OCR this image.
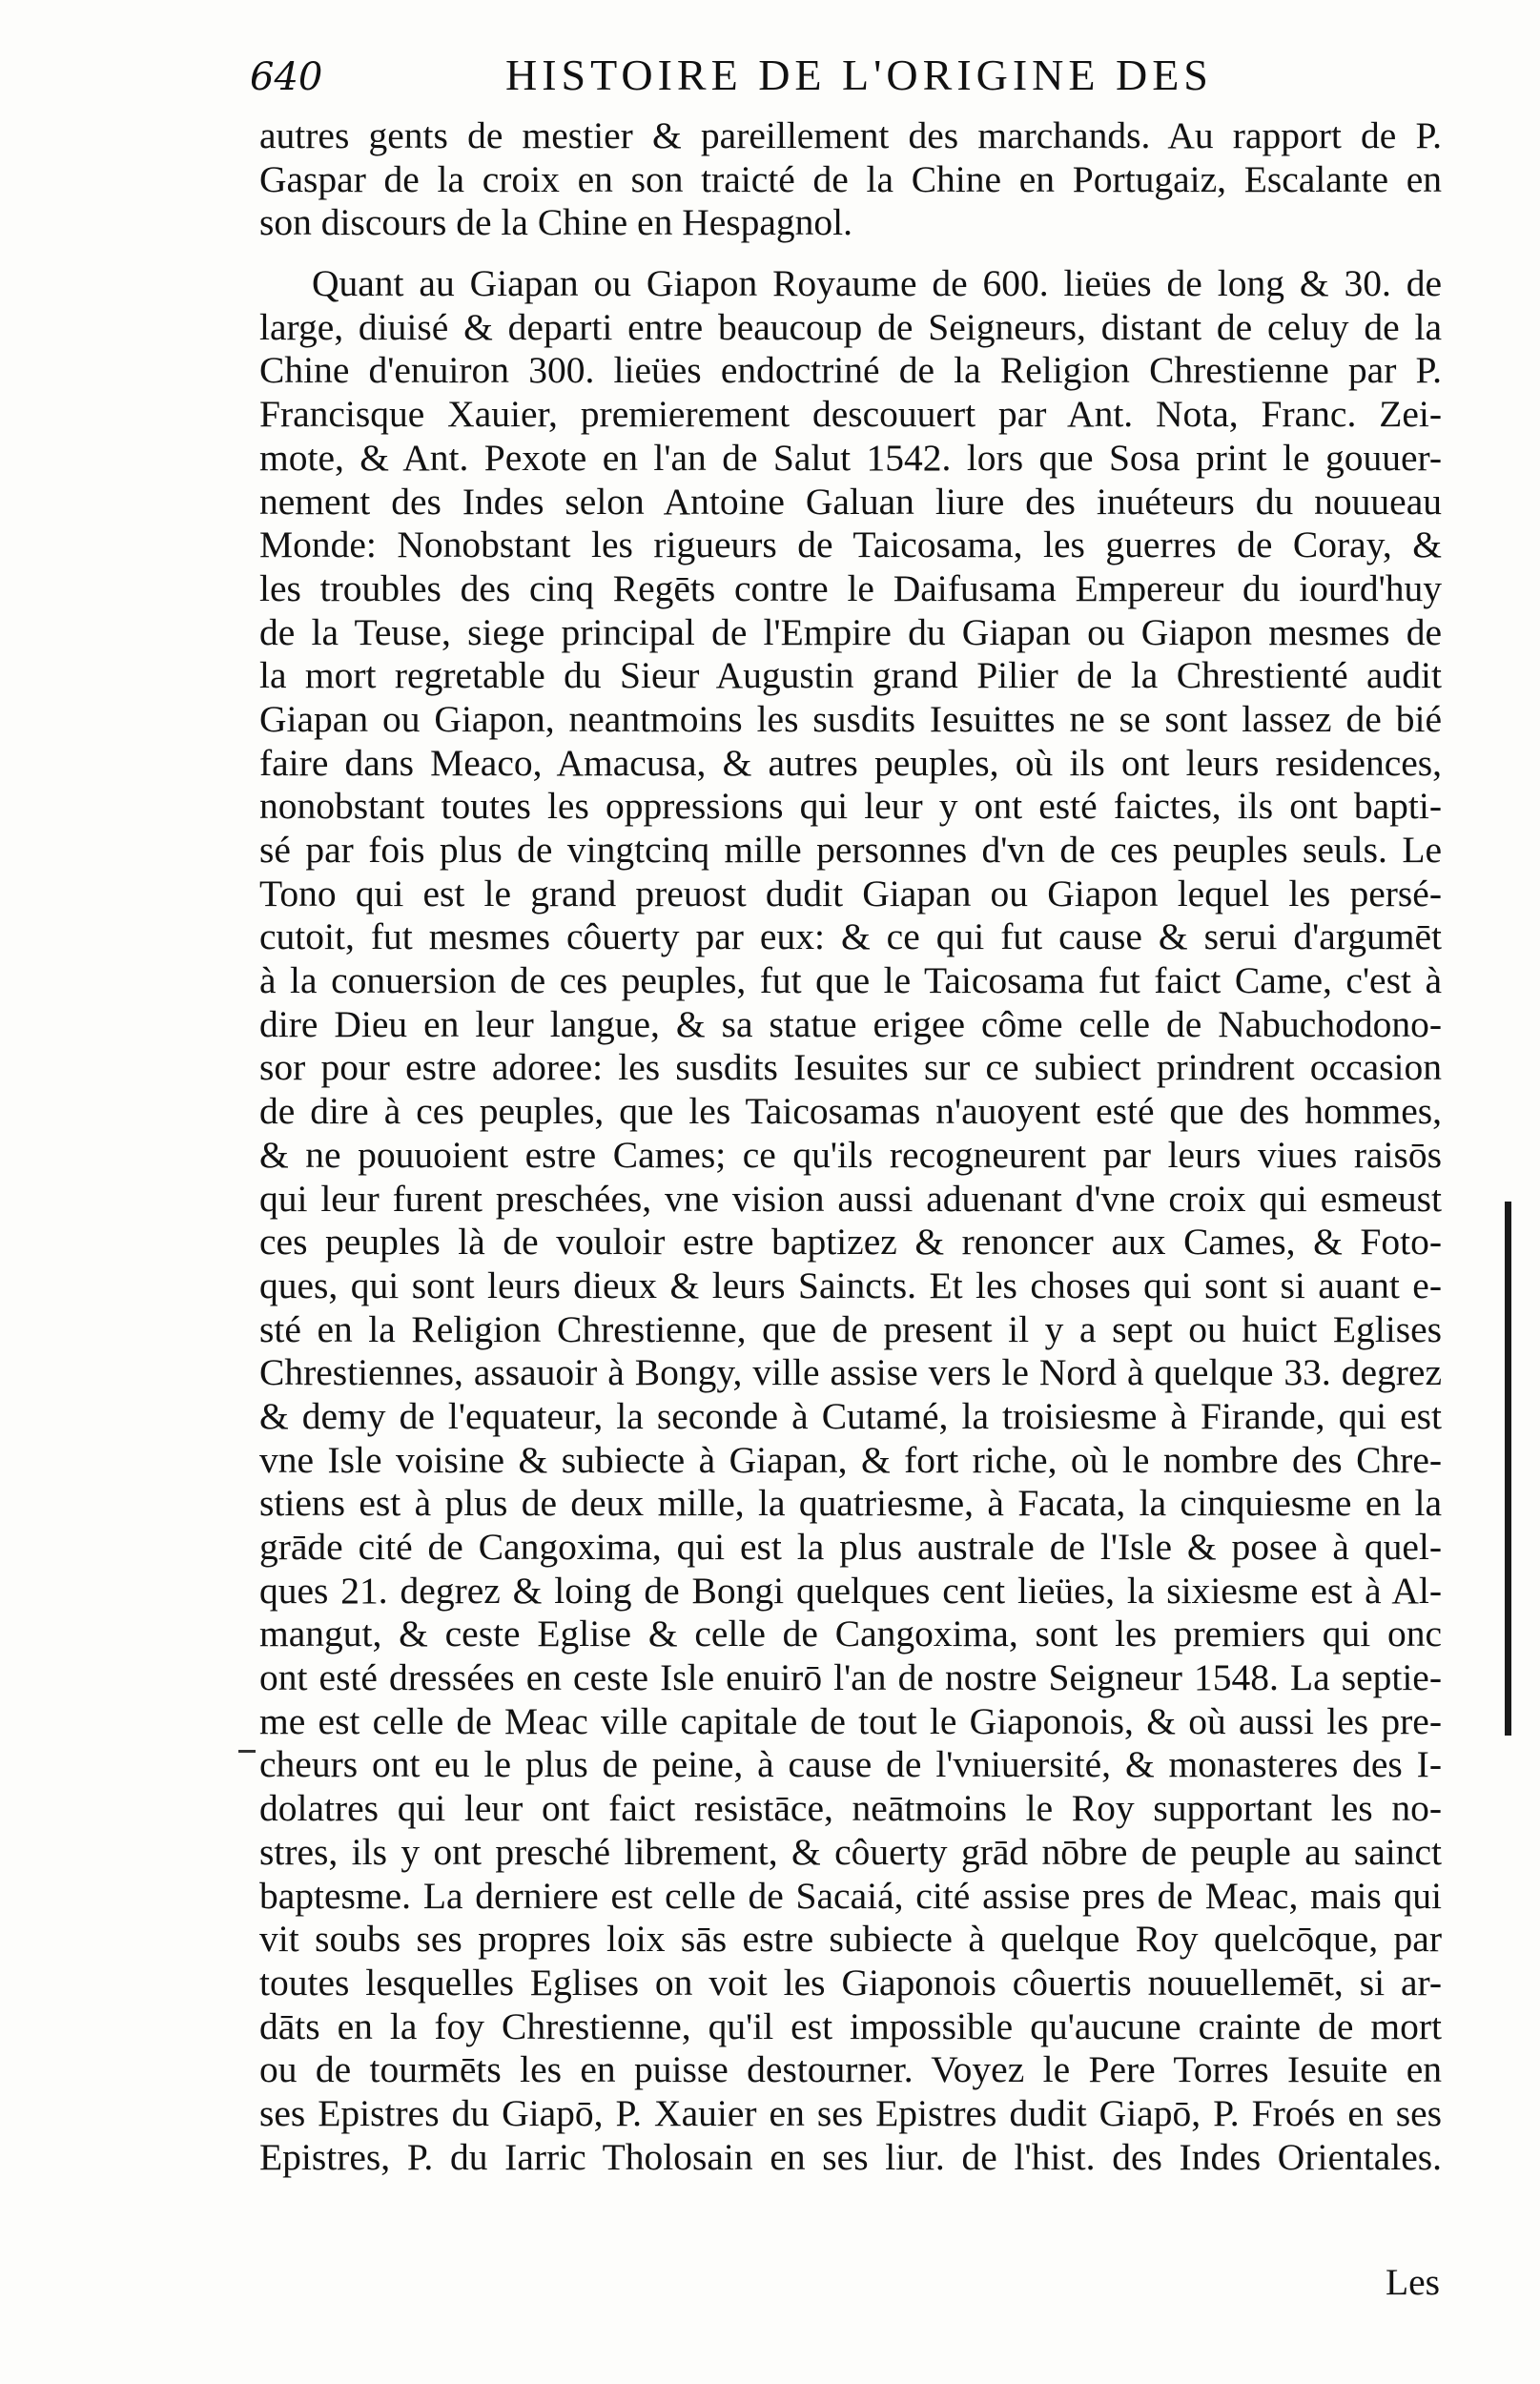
640	HISTOIRE DE L'ORIGINE DES
autres gents de mestier & pareillement des marchands. Au rapport de P.
Gaspar de la croix en son traicté de la Chine en Portugaiz, Escalante en
son discours de la Chine en Hespagnol.
Quant au Giapan ou Giapon Royaume de 600. lieües de long & 30. de
large, diuisé & departi entre beaucoup de Seigneurs, distant de celuy de la
Chine d'enuiron 300. lieües endoctriné de la Religion Chrestienne par P.
Francisque Xauier, premierement descouuert par Ant. Nota, Franc. Zei-
mote, & Ant. Pexote en l'an de Salut 1542. lors que Sosa print le gouuer-
nement des Indes selon Antoine Galuan liure des inuéteurs du nouueau
Monde: Nonobstant les rigueurs de Taicosama, les guerres de Coray, &
les troubles des cinq Regēts contre le Daifusama Empereur du iourd'huy
de la Teuse, siege principal de l'Empire du Giapan ou Giapon mesmes de
la mort regretable du Sieur Augustin grand Pilier de la Chrestienté audit
Giapan ou Giapon, neantmoins les susdits Iesuittes ne se sont lassez de bié
faire dans Meaco, Amacusa, & autres peuples, où ils ont leurs residences,
nonobstant toutes les oppressions qui leur y ont esté faictes, ils ont bapti-
sé par fois plus de vingtcinq mille personnes d'vn de ces peuples seuls. Le
Tono qui est le grand preuost dudit Giapan ou Giapon lequel les persé-
cutoit, fut mesmes côuerty par eux: & ce qui fut cause & serui d'argumēt
à la conuersion de ces peuples, fut que le Taicosama fut faict Came, c'est à
dire Dieu en leur langue, & sa statue erigee côme celle de Nabuchodono-
sor pour estre adoree: les susdits Iesuites sur ce subiect prindrent occasion
de dire à ces peuples, que les Taicosamas n'auoyent esté que des hommes,
& ne pouuoient estre Cames; ce qu'ils recogneurent par leurs viues raisōs
qui leur furent preschées, vne vision aussi aduenant d'vne croix qui esmeust
ces peuples là de vouloir estre baptizez & renoncer aux Cames, & Foto-
ques, qui sont leurs dieux & leurs Saincts. Et les choses qui sont si auant e-
sté en la Religion Chrestienne, que de present il y a sept ou huict Eglises
Chrestiennes, assauoir à Bongy, ville assise vers le Nord à quelque 33. degrez
& demy de l'equateur, la seconde à Cutamé, la troisiesme à Firande, qui est
vne Isle voisine & subiecte à Giapan, & fort riche, où le nombre des Chre-
stiens est à plus de deux mille, la quatriesme, à Facata, la cinquiesme en la
grāde cité de Cangoxima, qui est la plus australe de l'Isle & posee à quel-
ques 21. degrez & loing de Bongi quelques cent lieües, la sixiesme est à Al-
mangut, & ceste Eglise & celle de Cangoxima, sont les premiers qui onc
ont esté dressées en ceste Isle enuirō l'an de nostre Seigneur 1548. La septie-
me est celle de Meac ville capitale de tout le Giaponois, & où aussi les pre-
cheurs ont eu le plus de peine, à cause de l'vniuersité, & monasteres des I-
dolatres qui leur ont faict resistāce, neātmoins le Roy supportant les no-
stres, ils y ont presché librement, & côuerty grād nōbre de peuple au sainct
baptesme. La derniere est celle de Sacaiá, cité assise pres de Meac, mais qui
vit soubs ses propres loix sās estre subiecte à quelque Roy quelcōque, par
toutes lesquelles Eglises on voit les Giaponois côuertis nouuellemēt, si ar-
dāts en la foy Chrestienne, qu'il est impossible qu'aucune crainte de mort
ou de tourmēts les en puisse destourner. Voyez le Pere Torres Iesuite en
ses Epistres du Giapō, P. Xauier en ses Epistres dudit Giapō, P. Froés en ses
Epistres, P. du Iarric Tholosain en ses liur. de l'hist. des Indes Orientales.
Les
